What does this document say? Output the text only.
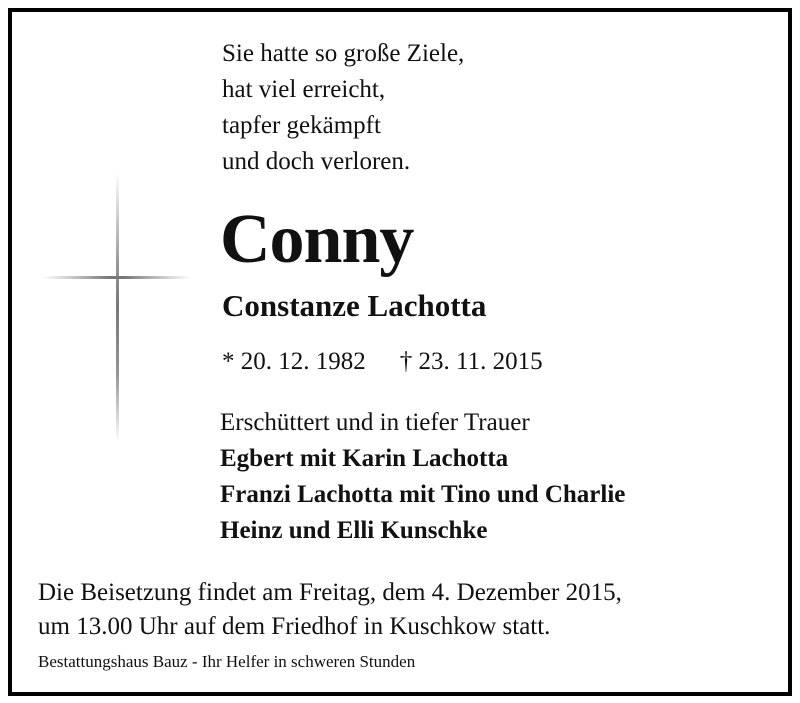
Sie hatte so große Ziele,
hat viel erreicht,
tapfer gekämpft
und doch verloren.
Conny
Constanze Lachotta
* 20. 12. 1982 † 23. 11. 2015
Erschüttert und in tiefer Trauer
Egbert mit Karin Lachotta
Franzi Lachotta mit Tino und Charlie
Heinz und Elli Kunschke
Die Beisetzung findet am Freitag, dem 4. Dezember 2015,
um 13.00 Uhr auf dem Friedhof in Kuschkow statt.
Bestattungshaus Bauz - Ihr Helfer in schweren Stunden
